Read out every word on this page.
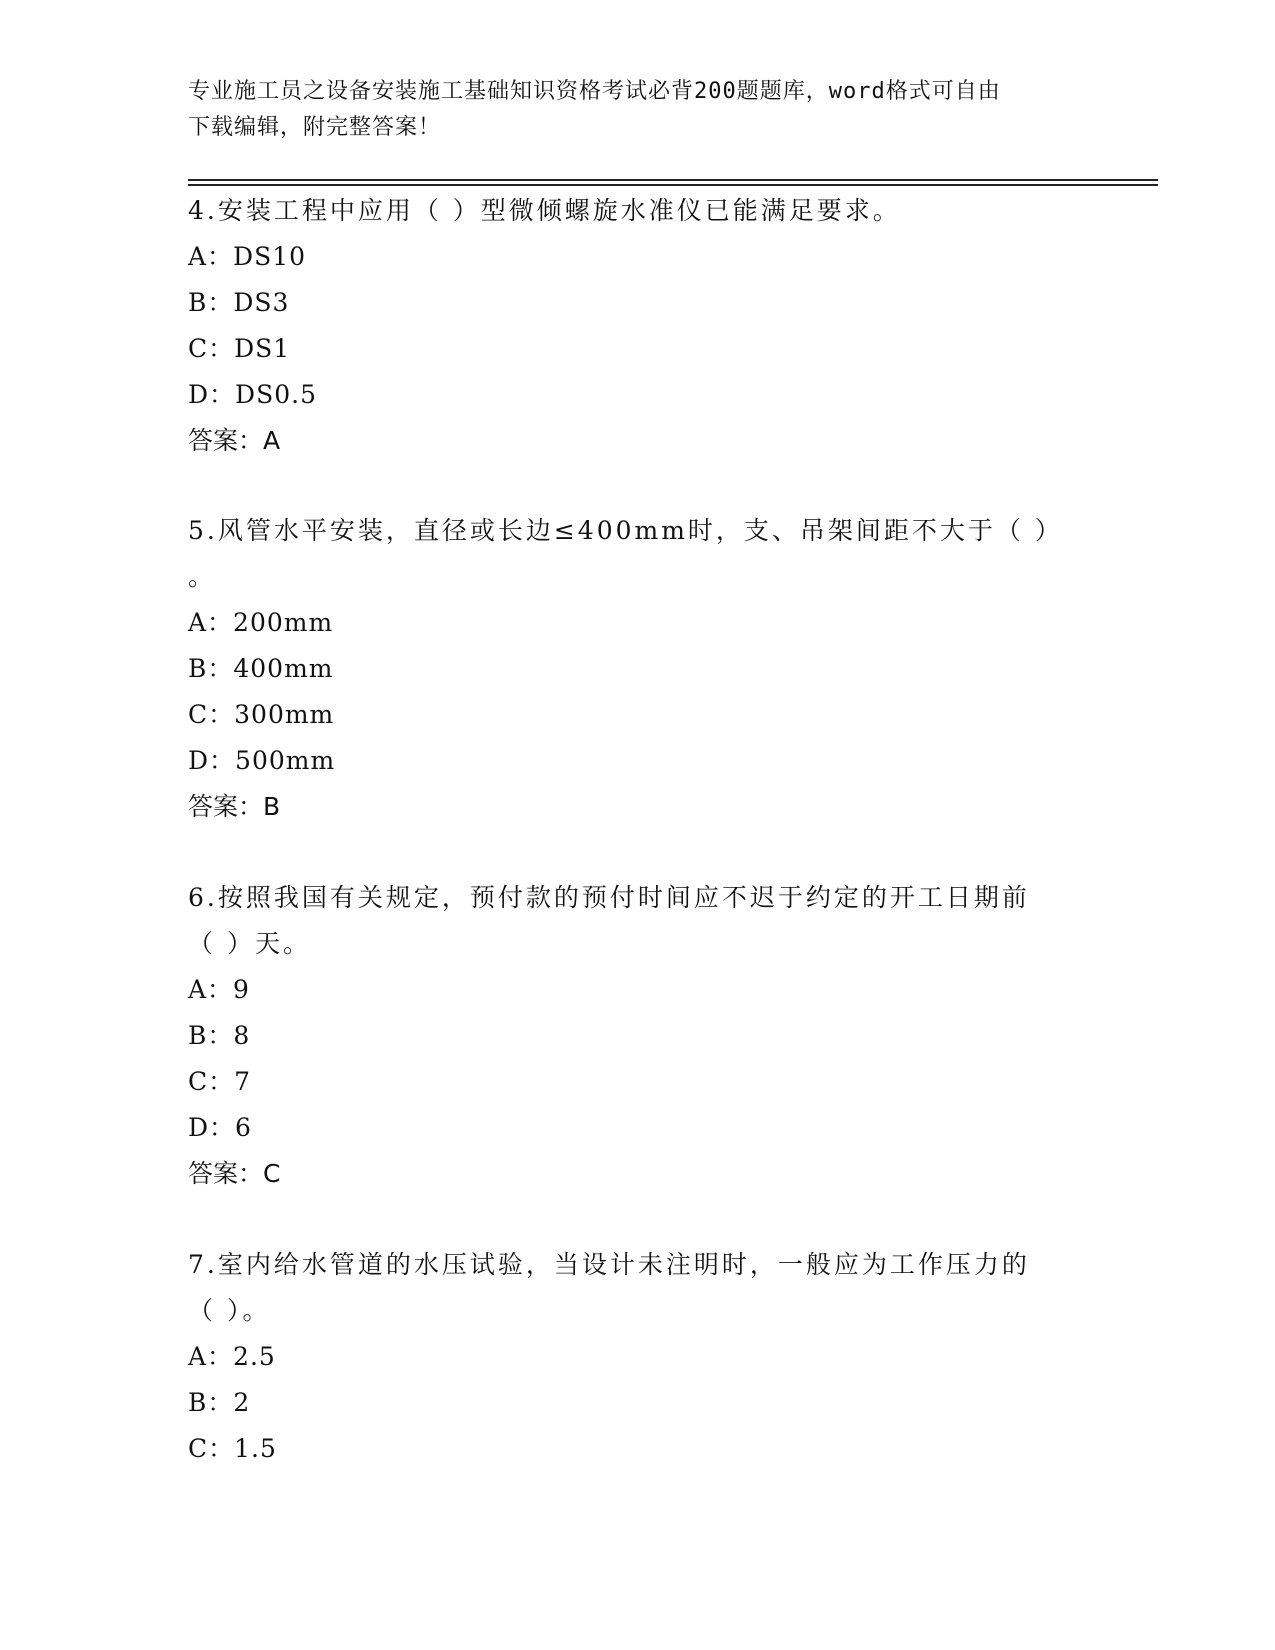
专业施工员之设备安装施工基础知识资格考试必背200题题库，word格式可自由
下载编辑，附完整答案！

4.安装工程中应用（ ）型微倾螺旋水准仪已能满足要求。

A：DS10

B：DS3

C：DS1

D：DS0.5

答案：A

5.风管水平安装，直径或长边≤400mm时，支、吊架间距不大于（ ）

。

A：200mm

B：400mm

C：300mm

D：500mm

答案：B

6.按照我国有关规定，预付款的预付时间应不迟于约定的开工日期前

（ ）天。

A：9

B：8

C：7

D：6

答案：C

7.室内给水管道的水压试验，当设计未注明时，一般应为工作压力的

（ ）。

A：2.5

B：2

C：1.5
